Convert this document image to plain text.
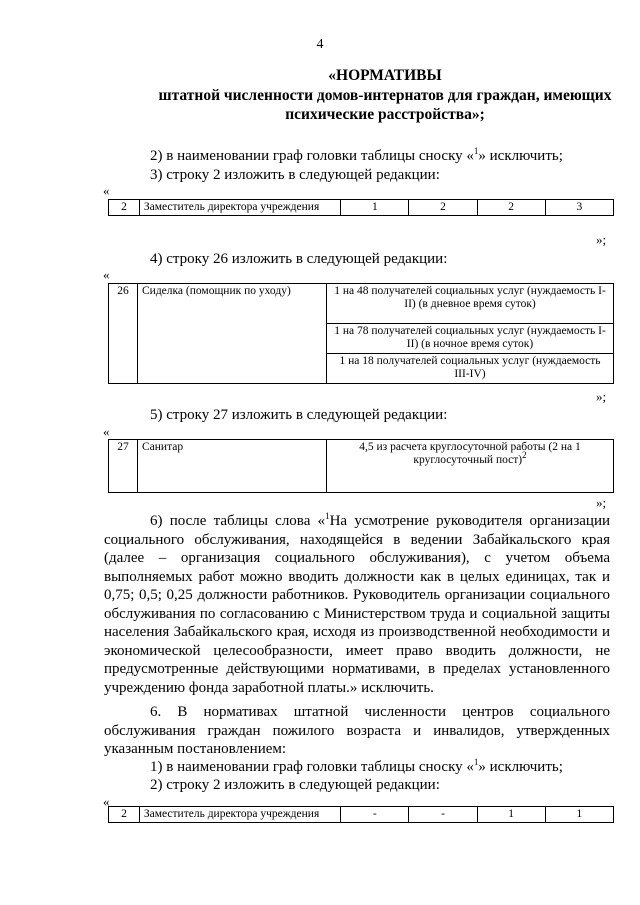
4
«НОРМАТИВЫ
штатной численности домов-интернатов для граждан, имеющих
психические расстройства»;
2) в наименовании граф головки таблицы сноску «$^1$» исключить;
3) строку 2 изложить в следующей редакции:
«
2	Заместитель директора учреждения	1	2	2	3
»;
4) строку 26 изложить в следующей редакции:
«
26	Сиделка (помощник по уходу)	1 на 48 получателей социальных услуг (нуждаемость I-II) (в дневное время суток)
1 на 78 получателей социальных услуг (нуждаемость I-II) (в ночное время суток)
1 на 18 получателей социальных услуг (нуждаемость III-IV)
»;
5) строку 27 изложить в следующей редакции:
«
27	Санитар	4,5 из расчета круглосуточной работы (2 на 1 круглосуточный пост)$^2$
»;
6) после таблицы слова «$^1$На усмотрение руководителя организации социального обслуживания, находящейся в ведении Забайкальского края (далее – организация социального обслуживания), с учетом объема выполняемых работ можно вводить должности как в целых единицах, так и 0,75; 0,5; 0,25 должности работников. Руководитель организации социального обслуживания по согласованию с Министерством труда и социальной защиты населения Забайкальского края, исходя из производственной необходимости и экономической целесообразности, имеет право вводить должности, не предусмотренные действующими нормативами, в пределах установленного учреждению фонда заработной платы.» исключить.
6. В нормативах штатной численности центров социального обслуживания граждан пожилого возраста и инвалидов, утвержденных указанным постановлением:
1) в наименовании граф головки таблицы сноску «$^1$» исключить;
2) строку 2 изложить в следующей редакции:
«
2	Заместитель директора учреждения	-	-	1	1
